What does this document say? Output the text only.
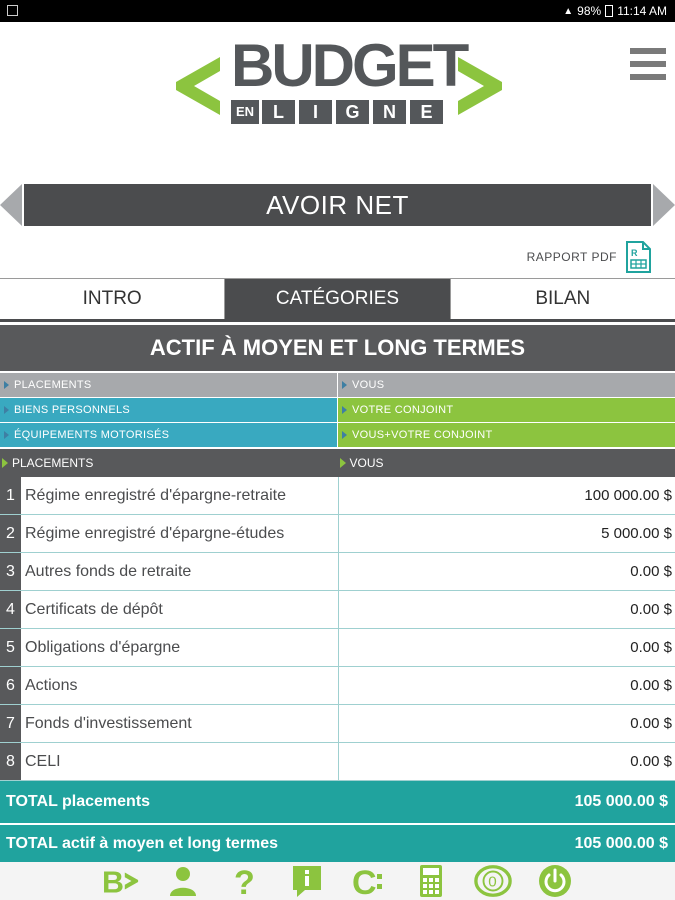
▲ 98% 11:14 AM
BUDGET
EN	L	I	G	N	E
AVOIR NET
RAPPORT PDF R
INTRO	CATÉGORIES	BILAN
ACTIF À MOYEN ET LONG TERMES
PLACEMENTS	VOUS
BIENS PERSONNELS	VOTRE CONJOINT
ÉQUIPEMENTS MOTORISÉS	VOUS+VOTRE CONJOINT
PLACEMENTS	VOUS
1 Régime enregistré d'épargne-retraite	100 000.00 $
2 Régime enregistré d'épargne-études	5 000.00 $
3 Autres fonds de retraite	0.00 $
4 Certificats de dépôt	0.00 $
5 Obligations d'épargne	0.00 $
6 Actions	0.00 $
7 Fonds d'investissement	0.00 $
8 CELI	0.00 $
TOTAL placements	105 000.00 $
TOTAL actif à moyen et long termes	105 000.00 $
B	?	C	0
